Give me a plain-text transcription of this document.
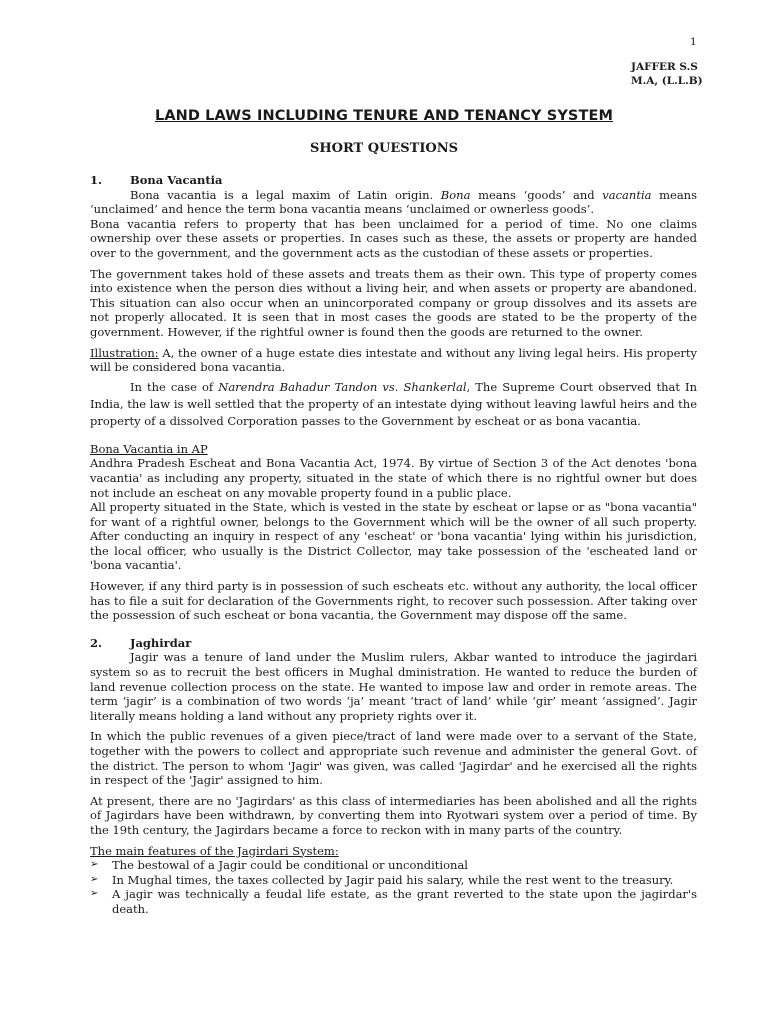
1
JAFFER S.S
M.A, (L.L.B)
LAND LAWS INCLUDING TENURE AND TENANCY SYSTEM
SHORT QUESTIONS
1. Bona Vacantia

Bona vacantia is a legal maxim of Latin origin. Bona means ‘goods’ and vacantia means ‘unclaimed’ and hence the term bona vacantia means ‘unclaimed or ownerless goods’.

Bona vacantia refers to property that has been unclaimed for a period of time. No one claims ownership over these assets or properties. In cases such as these, the assets or property are handed over to the government, and the government acts as the custodian of these assets or properties.

The government takes hold of these assets and treats them as their own. This type of property comes into existence when the person dies without a living heir, and when assets or property are abandoned. This situation can also occur when an unincorporated company or group dissolves and its assets are not properly allocated. It is seen that in most cases the goods are stated to be the property of the government. However, if the rightful owner is found then the goods are returned to the owner.

Illustration: A, the owner of a huge estate dies intestate and without any living legal heirs. His property will be considered bona vacantia.

In the case of Narendra Bahadur Tandon vs. Shankerlal, The Supreme Court observed that In India, the law is well settled that the property of an intestate dying without leaving lawful heirs and the property of a dissolved Corporation passes to the Government by escheat or as bona vacantia.

Bona Vacantia in AP

Andhra Pradesh Escheat and Bona Vacantia Act, 1974. By virtue of Section 3 of the Act denotes 'bona vacantia' as including any property, situated in the state of which there is no rightful owner but does not include an escheat on any movable property found in a public place.

All property situated in the State, which is vested in the state by escheat or lapse or as "bona vacantia" for want of a rightful owner, belongs to the Government which will be the owner of all such property. After conducting an inquiry in respect of any 'escheat' or 'bona vacantia' lying within his jurisdiction, the local officer, who usually is the District Collector, may take possession of the 'escheated land or 'bona vacantia'.

However, if any third party is in possession of such escheats etc. without any authority, the local officer has to file a suit for declaration of the Governments right, to recover such possession. After taking over the possession of such escheat or bona vacantia, the Government may dispose off the same.

2. Jaghirdar

Jagir was a tenure of land under the Muslim rulers, Akbar wanted to introduce the jagirdari system so as to recruit the best officers in Mughal dministration. He wanted to reduce the burden of land revenue collection process on the state. He wanted to impose law and order in remote areas. The term ‘jagir’ is a combination of two words ‘ja’ meant ‘tract of land’ while ‘gir’ meant ‘assigned’. Jagir literally means holding a land without any propriety rights over it.

In which the public revenues of a given piece/tract of land were made over to a servant of the State, together with the powers to collect and appropriate such revenue and administer the general Govt. of the district. The person to whom 'Jagir' was given, was called 'Jagirdar' and he exercised all the rights in respect of the 'Jagir' assigned to him.

At present, there are no 'Jagirdars' as this class of intermediaries has been abolished and all the rights of Jagirdars have been withdrawn, by converting them into Ryotwari system over a period of time. By the 19th century, the Jagirdars became a force to reckon with in many parts of the country.

The main features of the Jagirdari System:

➢ The bestowal of a Jagir could be conditional or unconditional
➢ In Mughal times, the taxes collected by Jagir paid his salary, while the rest went to the treasury.
➢ A jagir was technically a feudal life estate, as the grant reverted to the state upon the jagirdar's death.
